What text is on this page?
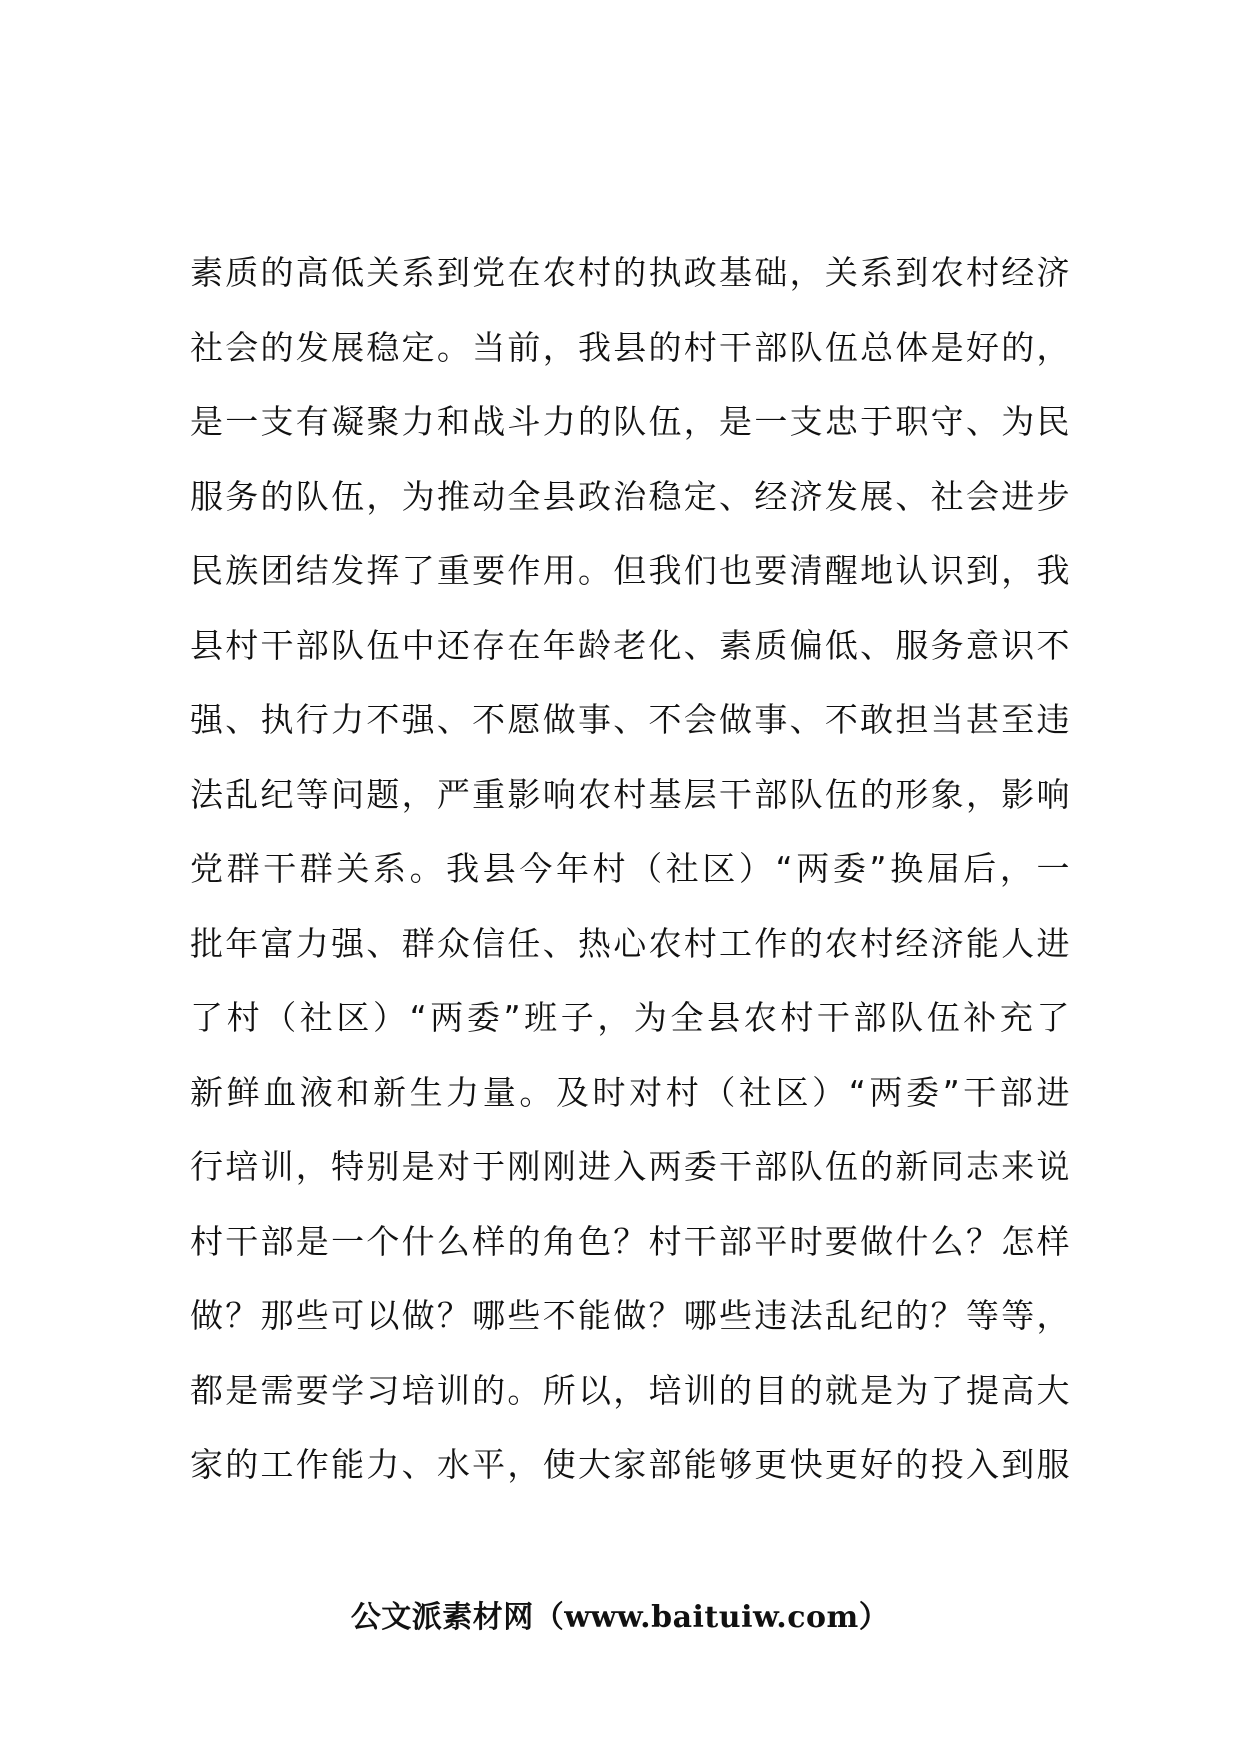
素质的高低关系到党在农村的执政基础，关系到农村经济
社会的发展稳定。当前，我县的村干部队伍总体是好的，
是一支有凝聚力和战斗力的队伍，是一支忠于职守、为民
服务的队伍，为推动全县政治稳定、经济发展、社会进步
民族团结发挥了重要作用。但我们也要清醒地认识到，我
县村干部队伍中还存在年龄老化、素质偏低、服务意识不
强、执行力不强、不愿做事、不会做事、不敢担当甚至违
法乱纪等问题，严重影响农村基层干部队伍的形象，影响
党群干群关系。我县今年村（社区）“两委”换届后，一
批年富力强、群众信任、热心农村工作的农村经济能人进
了村（社区）“两委”班子，为全县农村干部队伍补充了
新鲜血液和新生力量。及时对村（社区）“两委”干部进
行培训，特别是对于刚刚进入两委干部队伍的新同志来说
村干部是一个什么样的角色？村干部平时要做什么？怎样
做？那些可以做？哪些不能做？哪些违法乱纪的？等等，
都是需要学习培训的。所以，培训的目的就是为了提高大
家的工作能力、水平，使大家部能够更快更好的投入到服
公文派素材网（www.baituiw.com）
